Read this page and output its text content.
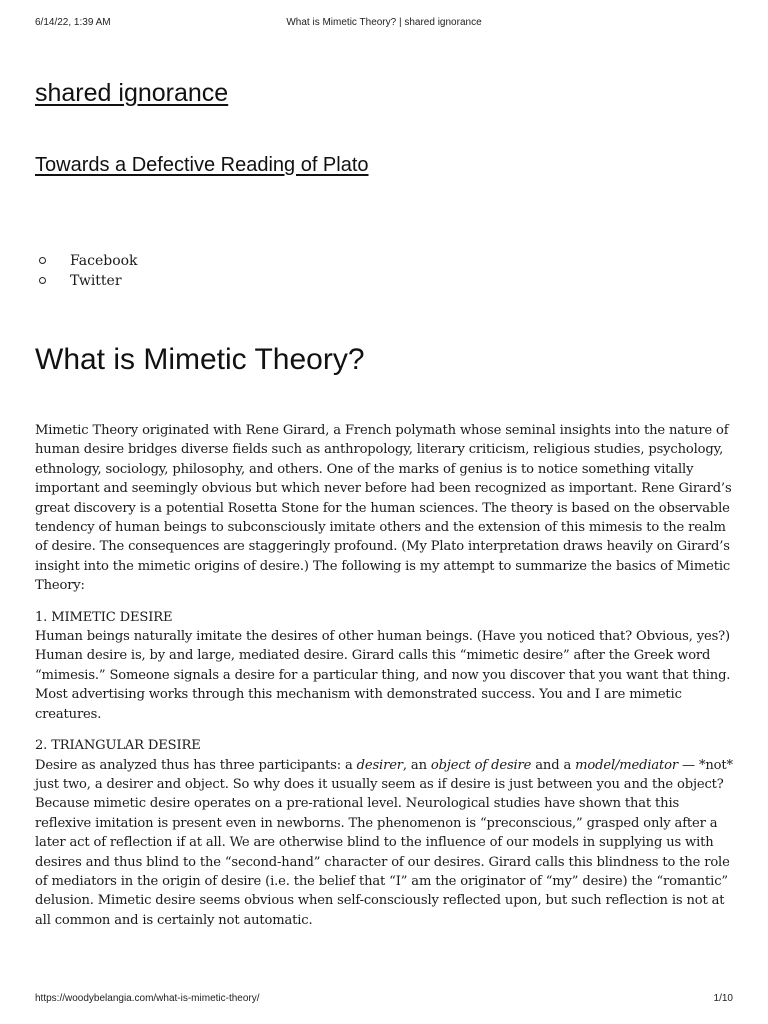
6/14/22, 1:39 AM	What is Mimetic Theory? | shared ignorance
shared ignorance
Towards a Defective Reading of Plato
Facebook
Twitter
What is Mimetic Theory?

Mimetic Theory originated with Rene Girard, a French polymath whose seminal insights into the nature of human desire bridges diverse fields such as anthropology, literary criticism, religious studies, psychology, ethnology, sociology, philosophy, and others. One of the marks of genius is to notice something vitally important and seemingly obvious but which never before had been recognized as important. Rene Girard’s great discovery is a potential Rosetta Stone for the human sciences. The theory is based on the observable tendency of human beings to subconsciously imitate others and the extension of this mimesis to the realm of desire. The consequences are staggeringly profound. (My Plato interpretation draws heavily on Girard’s insight into the mimetic origins of desire.) The following is my attempt to summarize the basics of Mimetic Theory:

1. MIMETIC DESIRE

Human beings naturally imitate the desires of other human beings. (Have you noticed that? Obvious, yes?) Human desire is, by and large, mediated desire. Girard calls this “mimetic desire” after the Greek word “mimesis.” Someone signals a desire for a particular thing, and now you discover that you want that thing. Most advertising works through this mechanism with demonstrated success. You and I are mimetic creatures.

2. TRIANGULAR DESIRE

Desire as analyzed thus has three participants: a desirer, an object of desire and a model/mediator — *not* just two, a desirer and object. So why does it usually seem as if desire is just between you and the object? Because mimetic desire operates on a pre-rational level. Neurological studies have shown that this reflexive imitation is present even in newborns. The phenomenon is “preconscious,” grasped only after a later act of reflection if at all. We are otherwise blind to the influence of our models in supplying us with desires and thus blind to the “second-hand” character of our desires. Girard calls this blindness to the role of mediators in the origin of desire (i.e. the belief that “I” am the originator of “my” desire) the “romantic” delusion. Mimetic desire seems obvious when self-consciously reflected upon, but such reflection is not at all common and is certainly not automatic.

https://woodybelangia.com/what-is-mimetic-theory/	1/10
